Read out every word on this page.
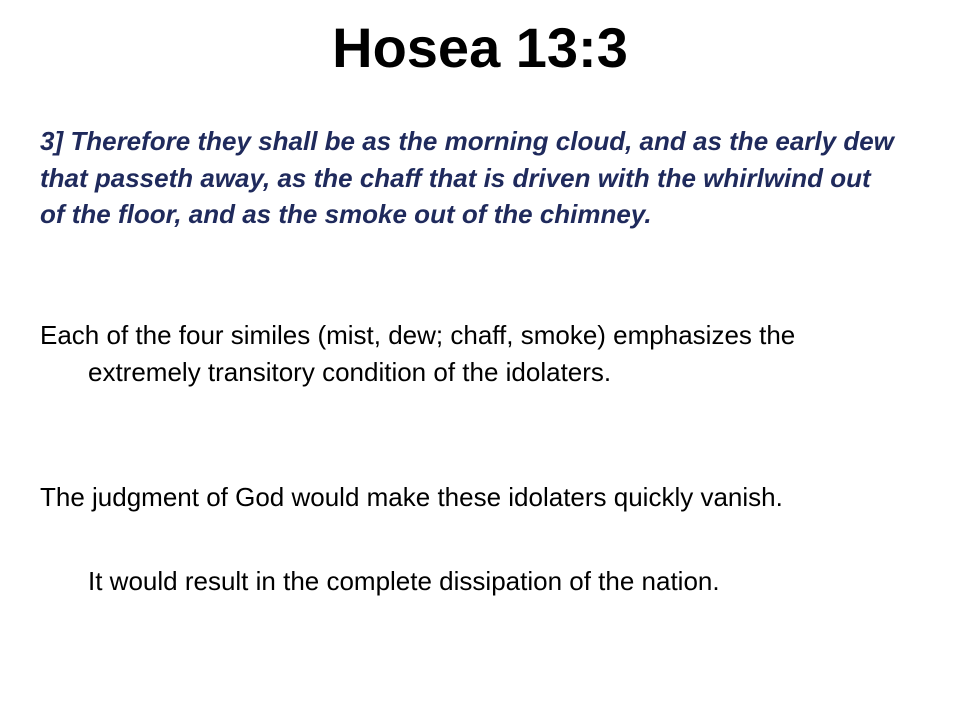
Hosea 13:3

3] Therefore they shall be as the morning cloud, and as the early dew that passeth away, as the chaff that is driven with the whirlwind out of the floor, and as the smoke out of the chimney.

Each of the four similes (mist, dew; chaff, smoke) emphasizes the extremely transitory condition of the idolaters.

The judgment of God would make these idolaters quickly vanish.

It would result in the complete dissipation of the nation.
